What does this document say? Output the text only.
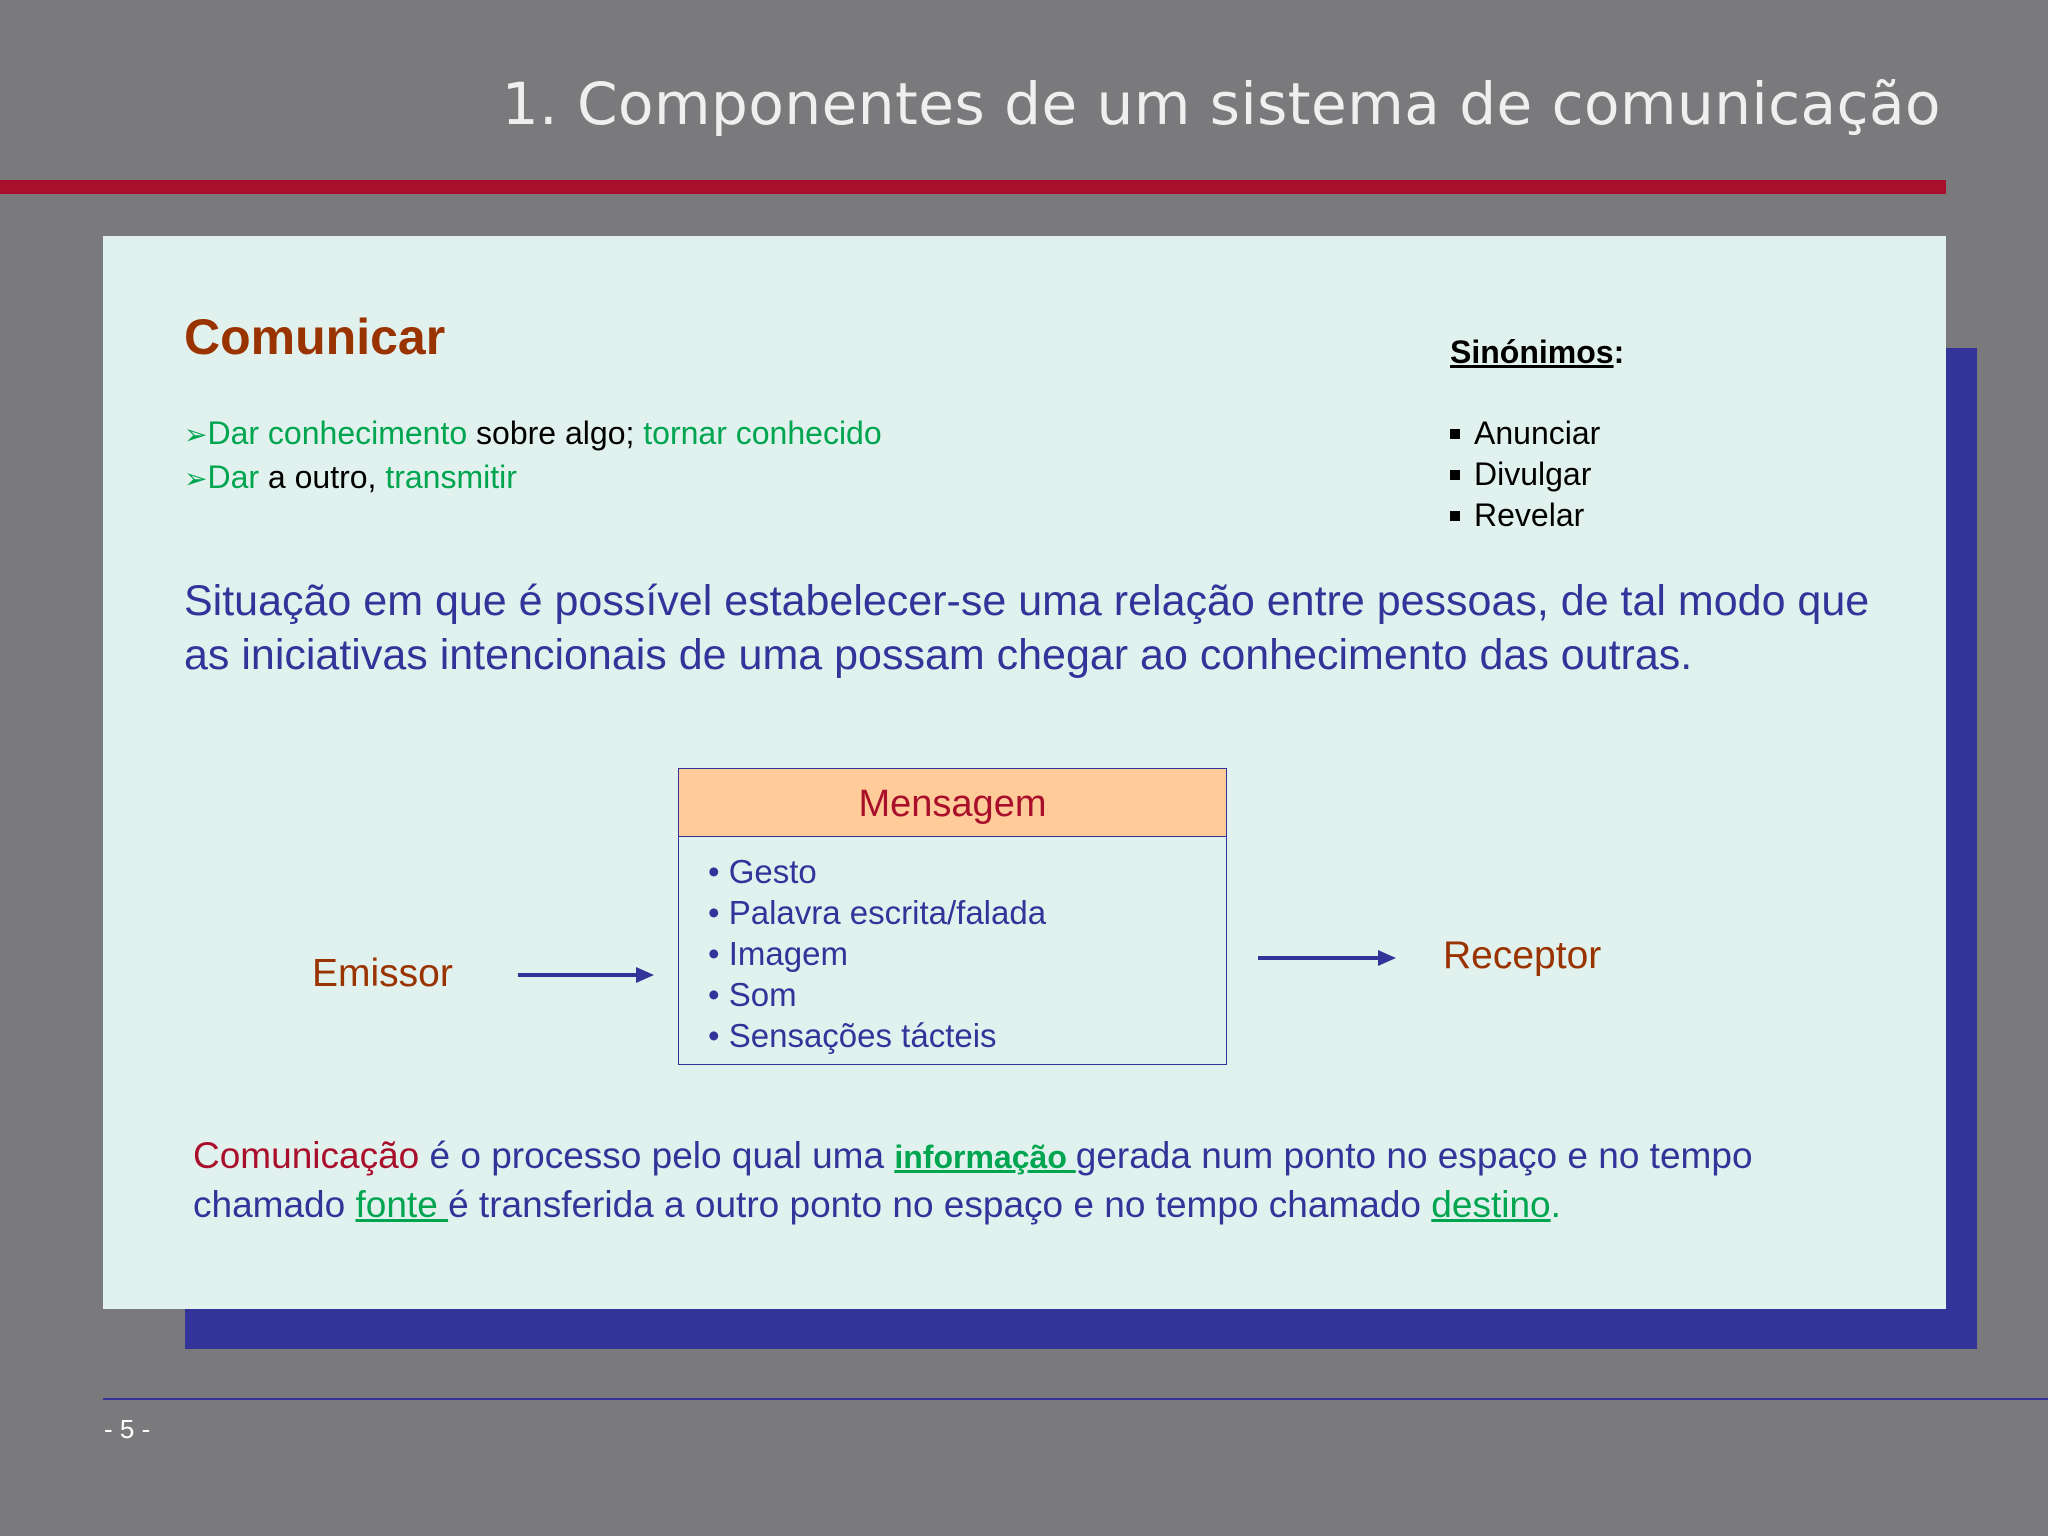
1. Componentes de um sistema de comunicação
Comunicar
➢Dar conhecimento sobre algo; tornar conhecido
➢Dar a outro, transmitir
Sinónimos:
Anunciar
Divulgar
Revelar
Situação em que é possível estabelecer-se uma relação entre pessoas, de tal modo que as iniciativas intencionais de uma possam chegar ao conhecimento das outras.
Emissor
Mensagem
• Gesto
• Palavra escrita/falada
• Imagem
• Som
• Sensações tácteis
Receptor
Comunicação é o processo pelo qual uma informação gerada num ponto no espaço e no tempo chamado fonte é transferida a outro ponto no espaço e no tempo chamado destino.
- 5 -
